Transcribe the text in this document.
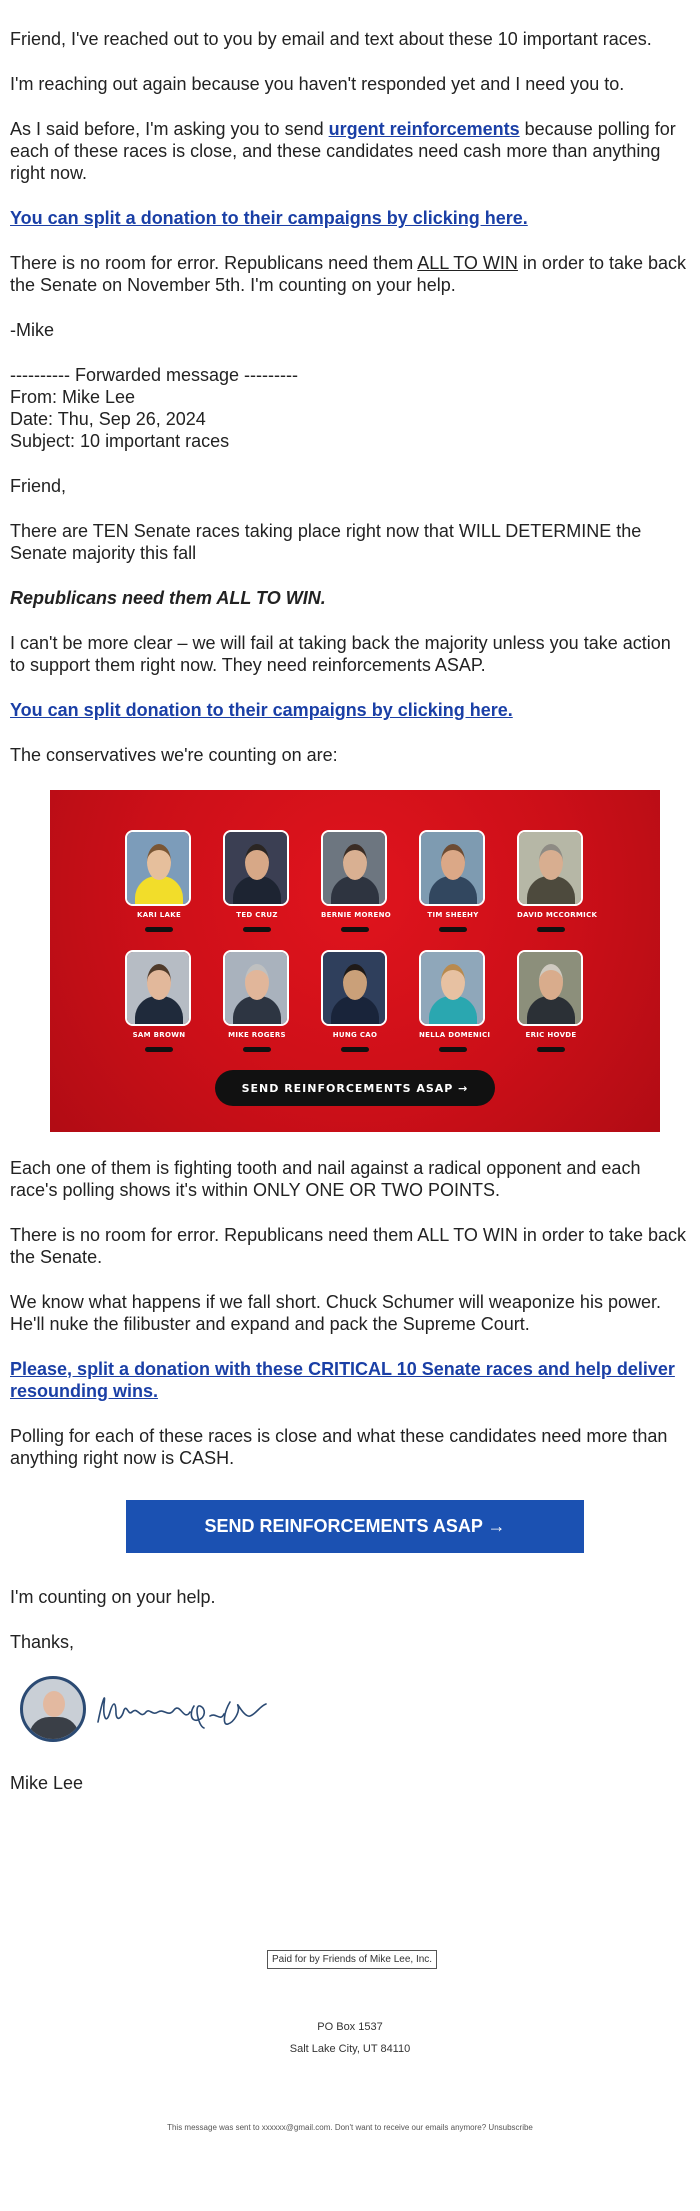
Friend, I've reached out to you by email and text about these 10 important races.

I'm reaching out again because you haven't responded yet and I need you to.

As I said before, I'm asking you to send urgent reinforcements because polling for each of these races is close, and these candidates need cash more than anything right now.

You can split a donation to their campaigns by clicking here.

There is no room for error. Republicans need them ALL TO WIN in order to take back the Senate on November 5th. I'm counting on your help.

-Mike

---------- Forwarded message ---------

From: Mike Lee

Date: Thu, Sep 26, 2024

Subject: 10 important races

Friend,

There are TEN Senate races taking place right now that WILL DETERMINE the Senate majority this fall

Republicans need them ALL TO WIN.

I can't be more clear – we will fail at taking back the majority unless you take action to support them right now. They need reinforcements ASAP.

You can split donation to their campaigns by clicking here.

The conservatives we're counting on are:

SEND REINFORCEMENTS ASAP →
KARI LAKE	TED CRUZ	BERNIE MORENO	TIM SHEEHY	DAVID MCCORMICK
SAM BROWN	MIKE ROGERS	HUNG CAO	NELLA DOMENICI	ERIC HOVDE

Each one of them is fighting tooth and nail against a radical opponent and each race's polling shows it's within ONLY ONE OR TWO POINTS.

There is no room for error. Republicans need them ALL TO WIN in order to take back the Senate.

We know what happens if we fall short. Chuck Schumer will weaponize his power. He'll nuke the filibuster and expand and pack the Supreme Court.

Please, split a donation with these CRITICAL 10 Senate races and help deliver resounding wins.

Polling for each of these races is close and what these candidates need more than anything right now is CASH.

SEND REINFORCEMENTS ASAP →

I'm counting on your help.

Thanks,

Mike Lee

Paid for by Friends of Mike Lee, Inc.
PO Box 1537
Salt Lake City, UT 84110
This message was sent to xxxxxx@gmail.com. Don't want to receive our emails anymore? Unsubscribe
